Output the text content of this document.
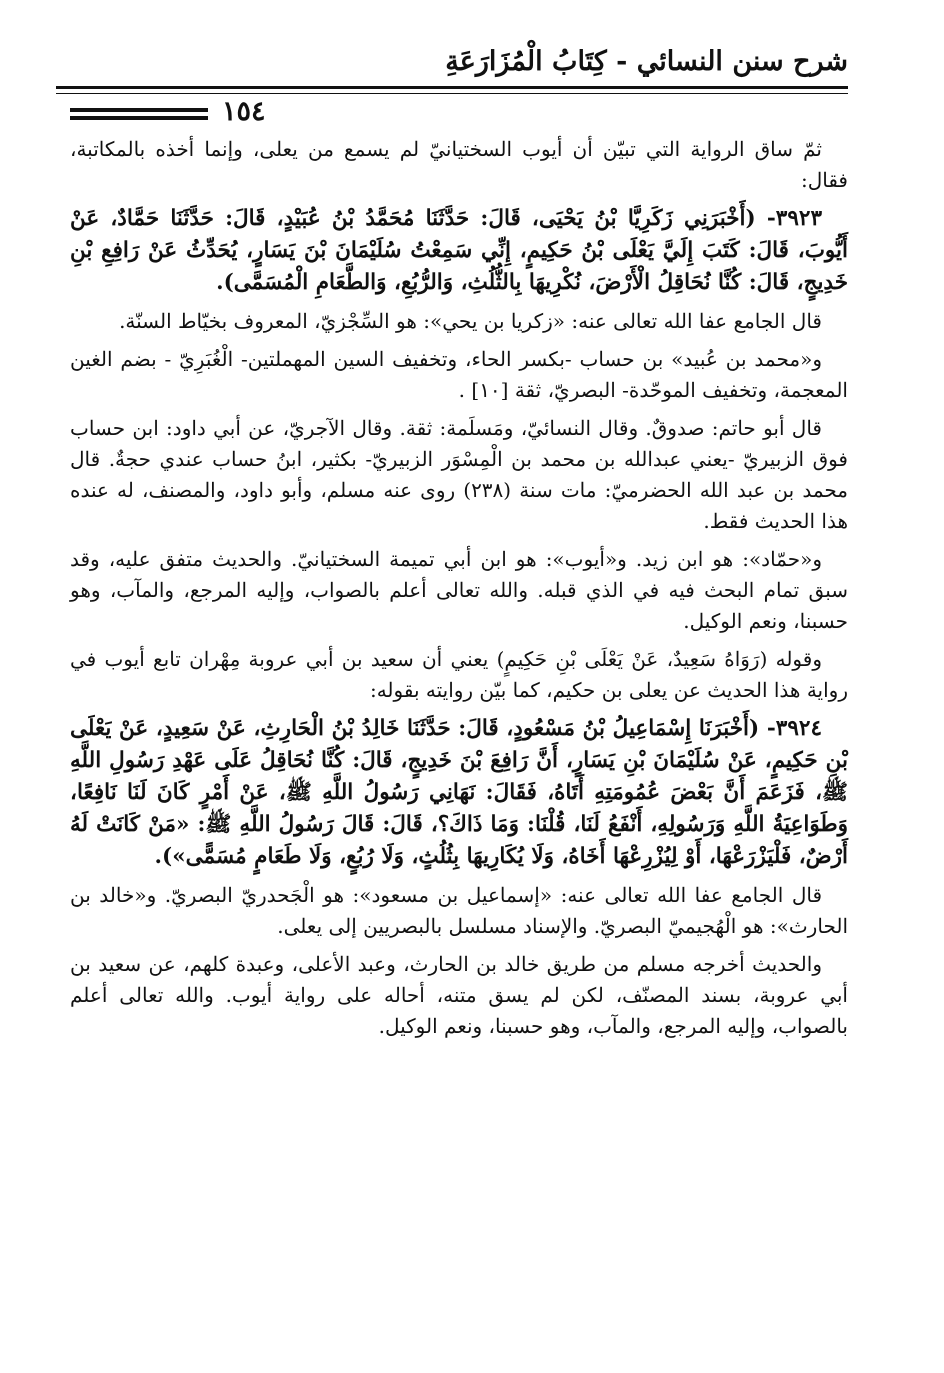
شرح سنن النسائي - كِتَابُ الْمُزَارَعَةِ
١٥٤

ثمّ ساق الرواية التي تبيّن أن أيوب السختيانيّ لم يسمع من يعلى، وإنما أخذه بالمكاتبة، فقال:

٣٩٢٣- (أَخْبَرَنِي زَكَرِيَّا بْنُ يَحْيَى، قَالَ: حَدَّثَنَا مُحَمَّدُ بْنُ عُبَيْدٍ، قَالَ: حَدَّثَنَا حَمَّادٌ، عَنْ أَيُّوبَ، قَالَ: كَتَبَ إِلَيَّ يَعْلَى بْنُ حَكِيمٍ، إِنِّي سَمِعْتُ سُلَيْمَانَ بْنَ يَسَارٍ، يُحَدِّثُ عَنْ رَافِعِ بْنِ خَدِيجٍ، قَالَ: كُنَّا نُحَاقِلُ الْأَرْضَ، نُكْرِيهَا بِالثُّلُثِ، وَالرُّبُعِ، وَالطَّعَامِ الْمُسَمَّى).

قال الجامع عفا الله تعالى عنه: «زكريا بن يحي»: هو السِّجْزيّ، المعروف بخيّاط السنّة.

و«محمد بن عُبيد» بن حساب -بكسر الحاء، وتخفيف السين المهملتين- الْغُبَرِيّ - بضم الغين المعجمة، وتخفيف الموحّدة- البصريّ، ثقة [١٠] .

قال أبو حاتم: صدوقٌ. وقال النسائيّ، ومَسلَمة: ثقة. وقال الآجريّ، عن أبي داود: ابن حساب فوق الزبيريّ -يعني عبدالله بن محمد بن الْمِسْوَر الزبيريّ- بكثير، ابنُ حساب عندي حجةٌ. قال محمد بن عبد الله الحضرميّ: مات سنة (٢٣٨) روى عنه مسلم، وأبو داود، والمصنف، له عنده هذا الحديث فقط.

و«حمّاد»: هو ابن زيد. و«أيوب»: هو ابن أبي تميمة السختيانيّ. والحديث متفق عليه، وقد سبق تمام البحث فيه في الذي قبله. والله تعالى أعلم بالصواب، وإليه المرجع، والمآب، وهو حسبنا، ونعم الوكيل.

وقوله (رَوَاهُ سَعِيدٌ، عَنْ يَعْلَى بْنِ حَكِيمٍ) يعني أن سعيد بن أبي عروبة مِهْران تابع أيوب في رواية هذا الحديث عن يعلى بن حكيم، كما بيّن روايته بقوله:

٣٩٢٤- (أَخْبَرَنَا إِسْمَاعِيلُ بْنُ مَسْعُودٍ، قَالَ: حَدَّثَنَا خَالِدُ بْنُ الْحَارِثِ، عَنْ سَعِيدٍ، عَنْ يَعْلَى بْنِ حَكِيمٍ، عَنْ سُلَيْمَانَ بْنِ يَسَارٍ، أَنَّ رَافِعَ بْنَ خَدِيجٍ، قَالَ: كُنَّا نُحَاقِلُ عَلَى عَهْدِ رَسُولِ اللَّهِ ﷺ، فَزَعَمَ أَنَّ بَعْضَ عُمُومَتِهِ أَتَاهُ، فَقَالَ: نَهَانِي رَسُولُ اللَّهِ ﷺ، عَنْ أَمْرٍ كَانَ لَنَا نَافِعًا، وَطَوَاعِيَةُ اللَّهِ وَرَسُولِهِ، أَنْفَعُ لَنَا، قُلْنَا: وَمَا ذَاكَ؟، قَالَ: قَالَ رَسُولُ اللَّهِ ﷺ: «مَنْ كَانَتْ لَهُ أَرْضٌ، فَلْيَزْرَعْهَا، أَوْ لِيُزْرِعْهَا أَخَاهُ، وَلَا يُكَارِيهَا بِثُلُثٍ، وَلَا رُبُعٍ، وَلَا طَعَامٍ مُسَمًّى»).

قال الجامع عفا الله تعالى عنه: «إسماعيل بن مسعود»: هو الْجَحدريّ البصريّ. و«خالد بن الحارث»: هو الْهُجيميّ البصريّ. والإسناد مسلسل بالبصريين إلى يعلى.

والحديث أخرجه مسلم من طريق خالد بن الحارث، وعبد الأعلى، وعبدة كلهم، عن سعيد بن أبي عروبة، بسند المصنّف، لكن لم يسق متنه، أحاله على رواية أيوب. والله تعالى أعلم بالصواب، وإليه المرجع، والمآب، وهو حسبنا، ونعم الوكيل.
